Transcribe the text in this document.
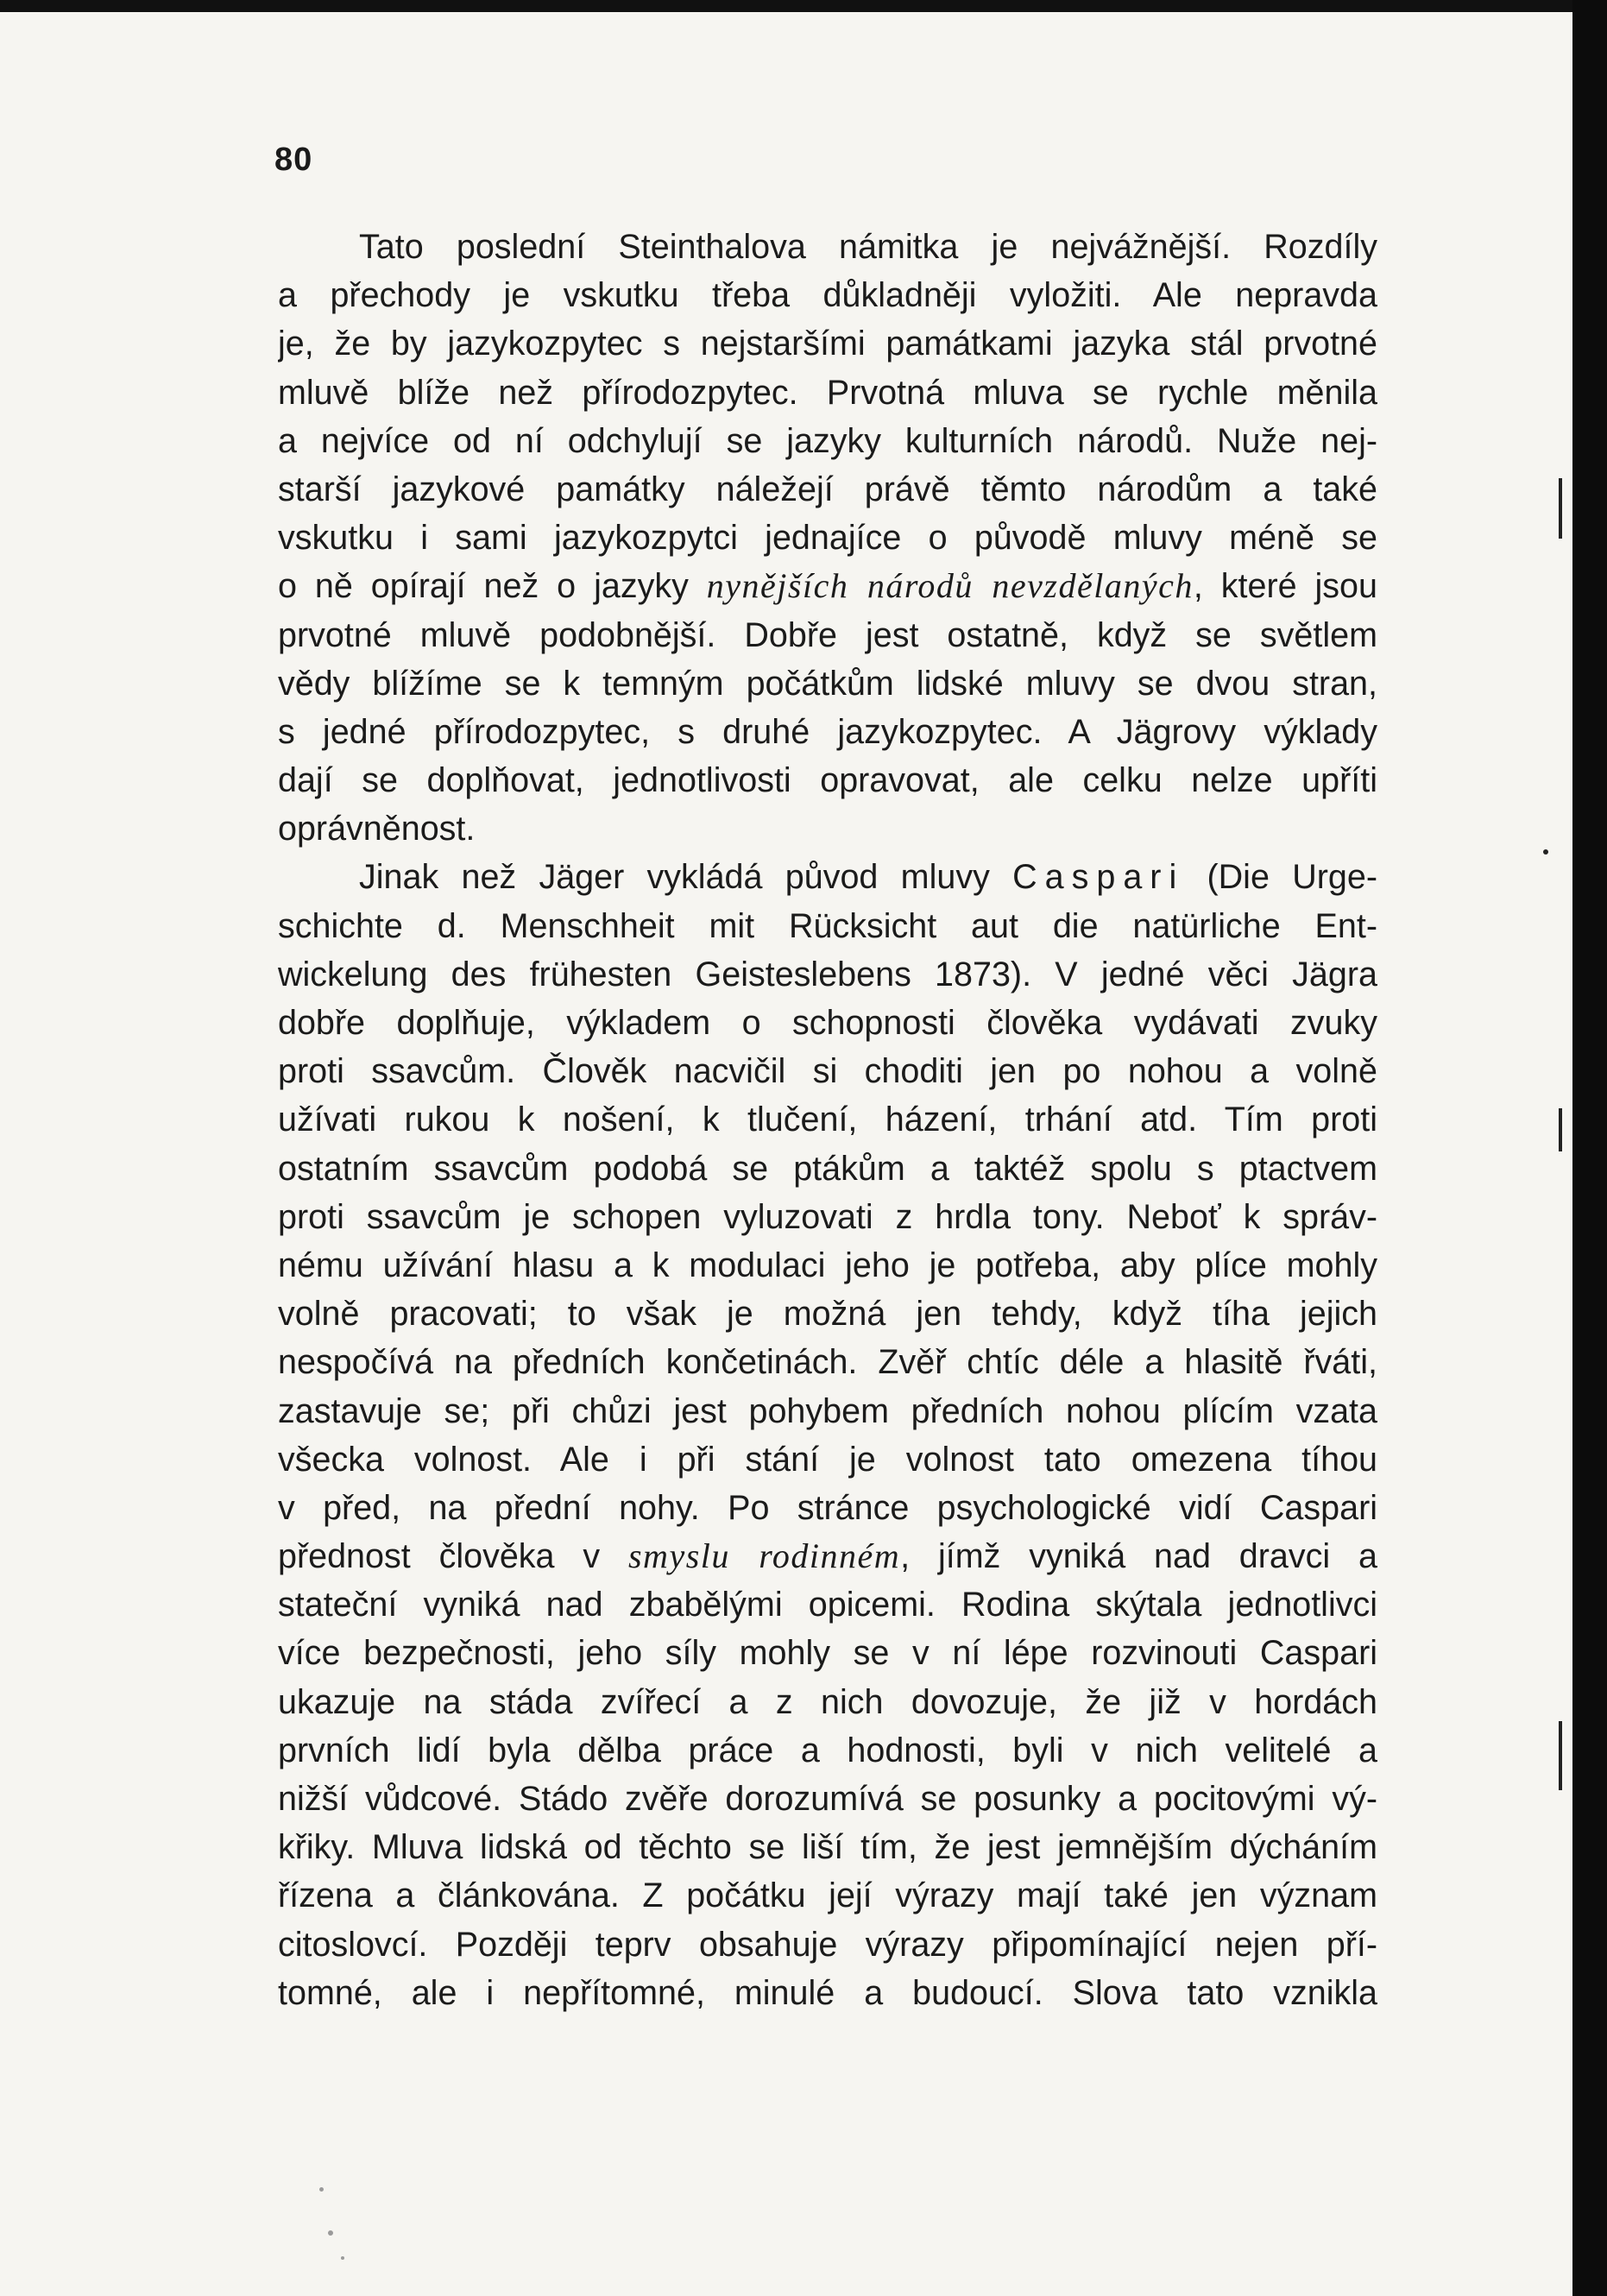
80
Tato poslední Steinthalova námitka je nejvážnější. Rozdíly
a přechody je vskutku třeba důkladněji vyložiti. Ale nepravda
je, že by jazykozpytec s nejstaršími památkami jazyka stál prvotné
mluvě blíže než přírodozpytec. Prvotná mluva se rychle měnila
a nejvíce od ní odchylují se jazyky kulturních národů. Nuže nej-
starší jazykové památky náležejí právě těmto národům a také
vskutku i sami jazykozpytci jednajíce o původě mluvy méně se
o ně opírají než o jazyky nynějších národů nevzdělaných, které jsou
prvotné mluvě podobnější. Dobře jest ostatně, když se světlem
vědy blížíme se k temným počátkům lidské mluvy se dvou stran,
s jedné přírodozpytec, s druhé jazykozpytec. A Jägrovy výklady
dají se doplňovat, jednotlivosti opravovat, ale celku nelze upříti
oprávněnost.
Jinak než Jäger vykládá původ mluvy Caspari (Die Urge-
schichte d. Menschheit mit Rücksicht aut die natürliche Ent-
wickelung des frühesten Geisteslebens 1873). V jedné věci Jägra
dobře doplňuje, výkladem o schopnosti člověka vydávati zvuky
proti ssavcům. Člověk nacvičil si choditi jen po nohou a volně
užívati rukou k nošení, k tlučení, házení, trhání atd. Tím proti
ostatním ssavcům podobá se ptákům a taktéž spolu s ptactvem
proti ssavcům je schopen vyluzovati z hrdla tony. Neboť k správ-
nému užívání hlasu a k modulaci jeho je potřeba, aby plíce mohly
volně pracovati; to však je možná jen tehdy, když tíha jejich
nespočívá na předních končetinách. Zvěř chtíc déle a hlasitě řváti,
zastavuje se; při chůzi jest pohybem předních nohou plícím vzata
všecka volnost. Ale i při stání je volnost tato omezena tíhou
v před, na přední nohy. Po stránce psychologické vidí Caspari
přednost člověka v smyslu rodinném, jímž vyniká nad dravci a
stateční vyniká nad zbabělými opicemi. Rodina skýtala jednotlivci
více bezpečnosti, jeho síly mohly se v ní lépe rozvinouti Caspari
ukazuje na stáda zvířecí a z nich dovozuje, že již v hordách
prvních lidí byla dělba práce a hodnosti, byli v nich velitelé a
nižší vůdcové. Stádo zvěře dorozumívá se posunky a pocitovými vý-
křiky. Mluva lidská od těchto se liší tím, že jest jemnějším dýcháním
řízena a článkována. Z počátku její výrazy mají také jen význam
citoslovcí. Později teprv obsahuje výrazy připomínající nejen pří-
tomné, ale i nepřítomné, minulé a budoucí. Slova tato vznikla
